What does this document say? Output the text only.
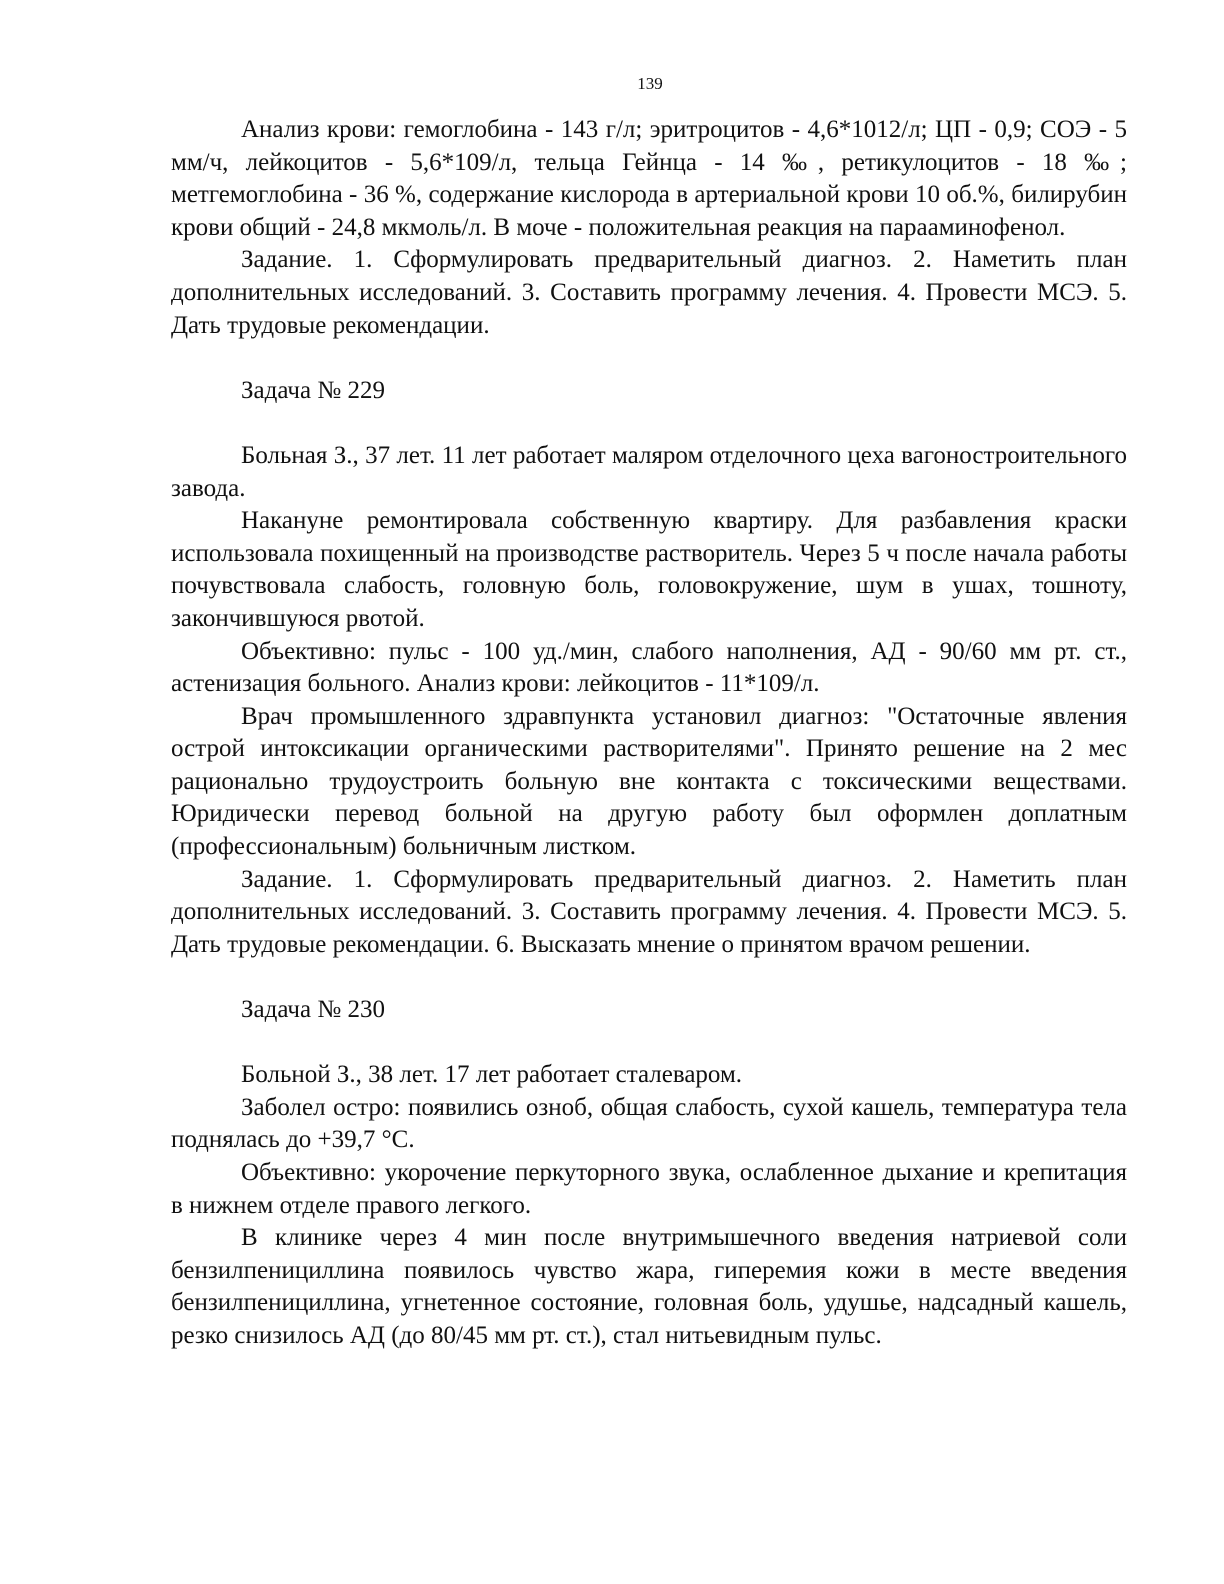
139

Анализ крови: гемоглобина - 143 г/л; эритроцитов - 4,6*1012/л; ЦП - 0,9; СОЭ - 5 мм/ч, лейкоцитов - 5,6*109/л, тельца Гейнца - 14 ‰, ретикулоцитов - 18 ‰; метгемоглобина - 36 %, содержание кислорода в артериальной крови 10 об.%, билирубин крови общий - 24,8 мкмоль/л. В моче - положительная реакция на парааминофенол.

Задание. 1. Сформулировать предварительный диагноз. 2. Наметить план дополнительных исследований. 3. Составить программу лечения. 4. Провести МСЭ. 5. Дать трудовые рекомендации.

Задача № 229

Больная З., 37 лет. 11 лет работает маляром отделочного цеха вагоностроительного завода.

Накануне ремонтировала собственную квартиру. Для разбавления краски использовала похищенный на производстве растворитель. Через 5 ч после начала работы почувствовала слабость, головную боль, головокружение, шум в ушах, тошноту, закончившуюся рвотой.

Объективно: пульс - 100 уд./мин, слабого наполнения, АД - 90/60 мм рт. ст., астенизация больного. Анализ крови: лейкоцитов - 11*109/л.

Врач промышленного здравпункта установил диагноз: "Остаточные явления острой интоксикации органическими растворителями". Принято решение на 2 мес рационально трудоустроить больную вне контакта с токсическими веществами. Юридически перевод больной на другую работу был оформлен доплатным (профессиональным) больничным листком.

Задание. 1. Сформулировать предварительный диагноз. 2. Наметить план дополнительных исследований. 3. Составить программу лечения. 4. Провести МСЭ. 5. Дать трудовые рекомендации. 6. Высказать мнение о принятом врачом решении.

Задача № 230

Больной З., 38 лет. 17 лет работает сталеваром.

Заболел остро: появились озноб, общая слабость, сухой кашель, температура тела поднялась до +39,7 °С.

Объективно: укорочение перкуторного звука, ослабленное дыхание и крепитация в нижнем отделе правого легкого.

В клинике через 4 мин после внутримышечного введения натриевой соли бензилпенициллина появилось чувство жара, гиперемия кожи в месте введения бензилпенициллина, угнетенное состояние, головная боль, удушье, надсадный кашель, резко снизилось АД (до 80/45 мм рт. ст.), стал нитьевидным пульс.
